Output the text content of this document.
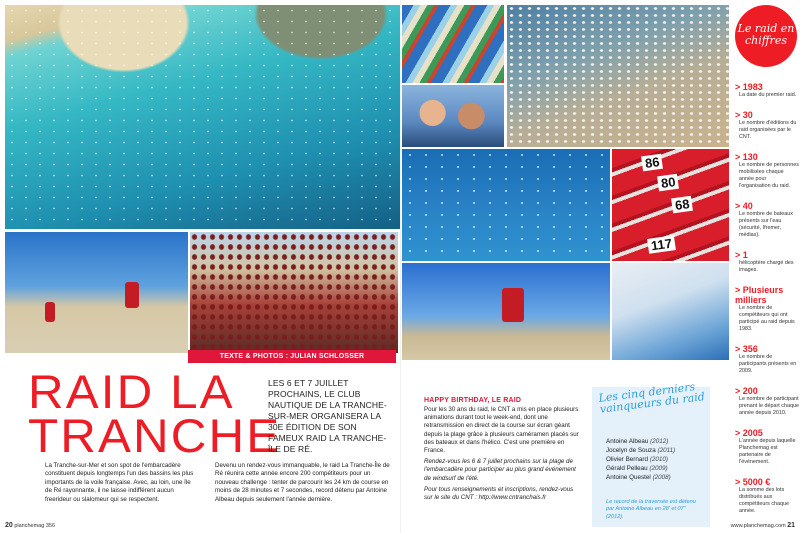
86
80
68
117
TEXTE & PHOTOS : JULIAN SCHLOSSER
RAID LA TRANCHE
LES 6 ET 7 JUILLET PROCHAINS, LE CLUB NAUTIQUE DE LA TRANCHE-SUR-MER ORGANISERA LA 30E ÉDITION DE SON FAMEUX RAID LA TRANCHE-ÎLE DE RÉ.
La Tranche-sur-Mer et son spot de l'embarcadère constituent depuis longtemps l'un des bassins les plus importants de la voile française. Avec, au loin, une île de Ré rayonnante, il ne laisse indifférent aucun freerideur ou slalomeur qui se respectent.
Devenu un rendez-vous immanquable, le raid La Tranche-Île de Ré réunira cette année encore 200 compétiteurs pour un nouveau challenge : tenter de parcourir les 24 km de course en moins de 28 minutes et 7 secondes, record détenu par Antoine Albeau depuis seulement l'année dernière.
HAPPY BIRTHDAY, LE RAID

Pour les 30 ans du raid, le CNT a mis en place plusieurs animations durant tout le week-end, dont une retransmission en direct de la course sur écran géant depuis la plage grâce à plusieurs caméramen placés sur des bateaux et dans l'hélico. C'est une première en France.

Rendez-vous les 6 & 7 juillet prochains sur la plage de l'embarcadère pour participer au plus grand événement de windsurf de l'été.

Pour tous renseignements et inscriptions, rendez-vous sur le site du CNT : http://www.cntranchais.fr

Les cinq derniers vainqueurs du raid
Antoine Albeau (2012)
Jocelyn de Souza (2011)
Olivier Bernard (2010)
Gérald Pelleau (2009)
Antoine Questel (2008)
Le record de la traversée est détenu par Antoine Albeau en 28' et 07" (2012).
Le raid en
chiffres
> 1983
La date du premier raid.
> 30
Le nombre d'éditions du raid organisées par le CNT.
> 130
Le nombre de personnes mobilisées chaque année pour l'organisation du raid.
> 40
Le nombre de bateaux présents sur l'eau (sécurité, Ifremer, médias).
> 1
hélicoptère chargé des images.
> Plusieurs milliers
Le nombre de compétiteurs qui ont participé au raid depuis 1983.
> 356
Le nombre de participants présents en 2009.
> 200
Le nombre de participant prenant le départ chaque année depuis 2010.
> 2005
L'année depuis laquelle Planchemag est partenaire de l'événement.
> 5000 €
La somme des lots distribués aux compétiteurs chaque année.
20 planchemag 356	www.planchemag.com 21
